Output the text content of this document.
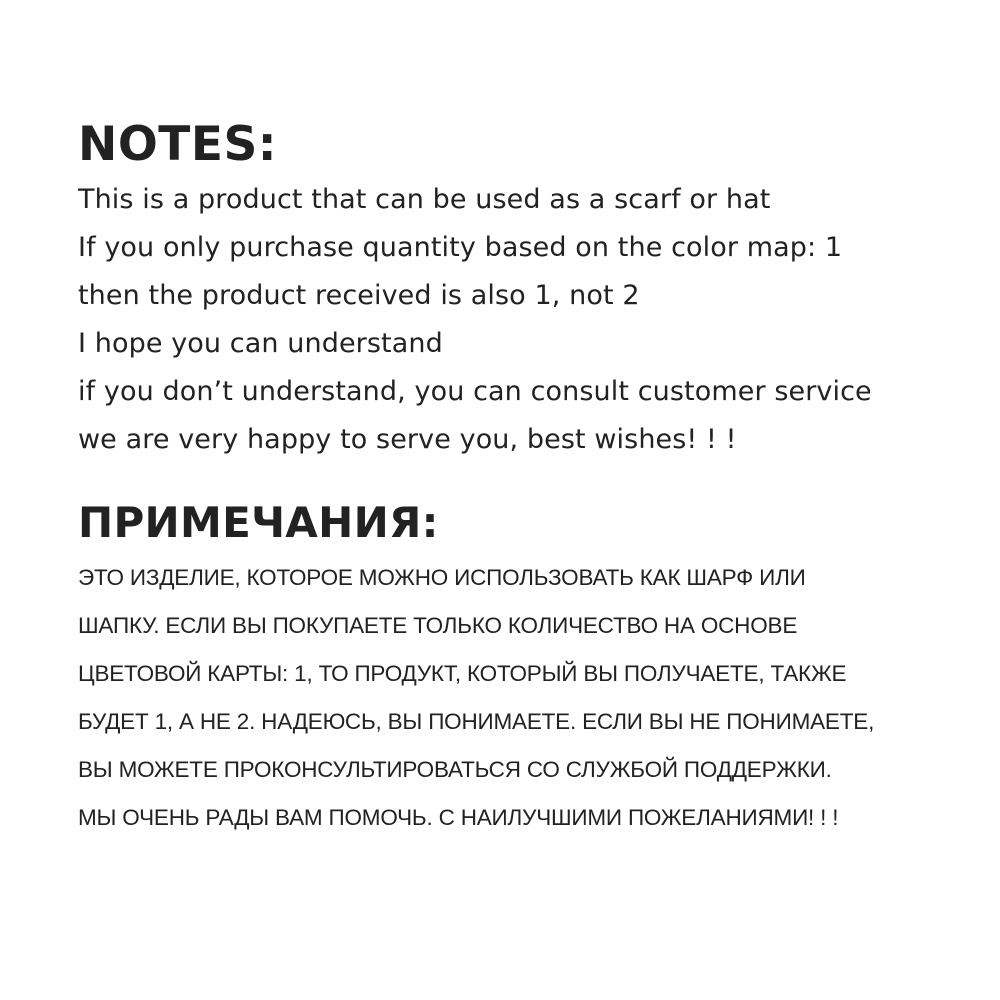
NOTES:
This is a product that can be used as a scarf or hat
If you only purchase quantity based on the color map: 1
then the product received is also 1, not 2
I hope you can understand
if you don’t understand, you can consult customer service
we are very happy to serve you, best wishes! ! !
ПРИМЕЧАНИЯ:
ЭТО ИЗДЕЛИЕ, КОТОРОЕ МОЖНО ИСПОЛЬЗОВАТЬ КАК ШАРФ ИЛИ
ШАПКУ. ЕСЛИ ВЫ ПОКУПАЕТЕ ТОЛЬКО КОЛИЧЕСТВО НА ОСНОВЕ
ЦВЕТОВОЙ КАРТЫ: 1, ТО ПРОДУКТ, КОТОРЫЙ ВЫ ПОЛУЧАЕТЕ, ТАКЖЕ
БУДЕТ 1, А НЕ 2. НАДЕЮСЬ, ВЫ ПОНИМАЕТЕ. ЕСЛИ ВЫ НЕ ПОНИМАЕТЕ,
ВЫ МОЖЕТЕ ПРОКОНСУЛЬТИРОВАТЬСЯ СО СЛУЖБОЙ ПОДДЕРЖКИ.
МЫ ОЧЕНЬ РАДЫ ВАМ ПОМОЧЬ. С НАИЛУЧШИМИ ПОЖЕЛАНИЯМИ! ! !
